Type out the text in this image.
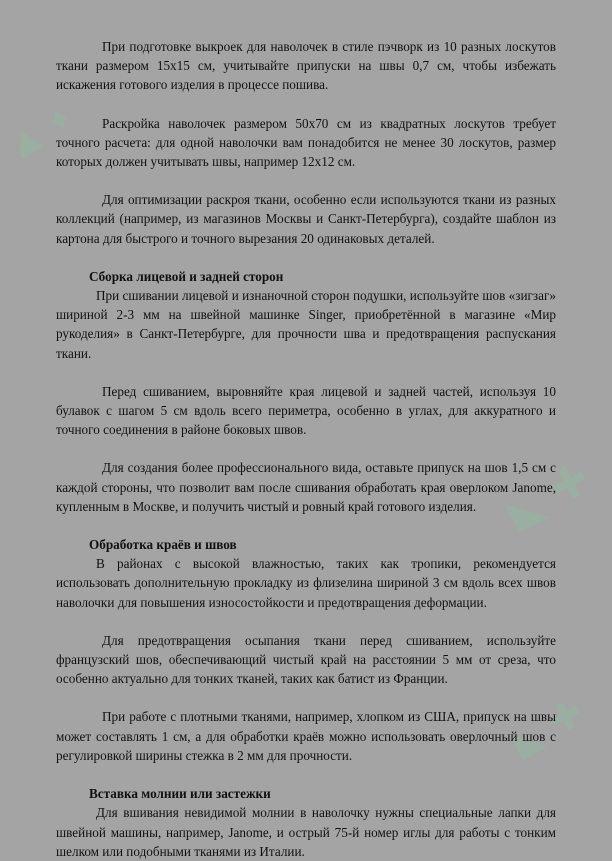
▲ ✦
◣ ✚
◣ ✚

При подготовке выкроек для наволочек в стиле пэчворк из 10 разных лоскутов ткани размером 15x15 см, учитывайте припуски на швы 0,7 см, чтобы избежать искажения готового изделия в процессе пошива.

Раскройка наволочек размером 50x70 см из квадратных лоскутов требует точного расчета: для одной наволочки вам понадобится не менее 30 лоскутов, размер которых должен учитывать швы, например 12x12 см.

Для оптимизации раскроя ткани, особенно если используются ткани из разных коллекций (например, из магазинов Москвы и Санкт-Петербурга), создайте шаблон из картона для быстрого и точного вырезания 20 одинаковых деталей.

Сборка лицевой и задней сторон

При сшивании лицевой и изнаночной сторон подушки, используйте шов «зигзаг» шириной 2-3 мм на швейной машинке Singer, приобретённой в магазине «Мир рукоделия» в Санкт-Петербурге, для прочности шва и предотвращения распускания ткани.

Перед сшиванием, выровняйте края лицевой и задней частей, используя 10 булавок с шагом 5 см вдоль всего периметра, особенно в углах, для аккуратного и точного соединения в районе боковых швов.

Для создания более профессионального вида, оставьте припуск на шов 1,5 см с каждой стороны, что позволит вам после сшивания обработать края оверлоком Janome, купленным в Москве, и получить чистый и ровный край готового изделия.

Обработка краёв и швов

В районах с высокой влажностью, таких как тропики, рекомендуется использовать дополнительную прокладку из флизелина шириной 3 см вдоль всех швов наволочки для повышения износостойкости и предотвращения деформации.

Для предотвращения осыпания ткани перед сшиванием, используйте французский шов, обеспечивающий чистый край на расстоянии 5 мм от среза, что особенно актуально для тонких тканей, таких как батист из Франции.

При работе с плотными тканями, например, хлопком из США, припуск на швы может составлять 1 см, а для обработки краёв можно использовать оверлочный шов с регулировкой ширины стежка в 2 мм для прочности.

Вставка молнии или застежки

Для вшивания невидимой молнии в наволочку нужны специальные лапки для швейной машины, например, Janome, и острый 75-й номер иглы для работы с тонким шелком или подобными тканями из Италии.
